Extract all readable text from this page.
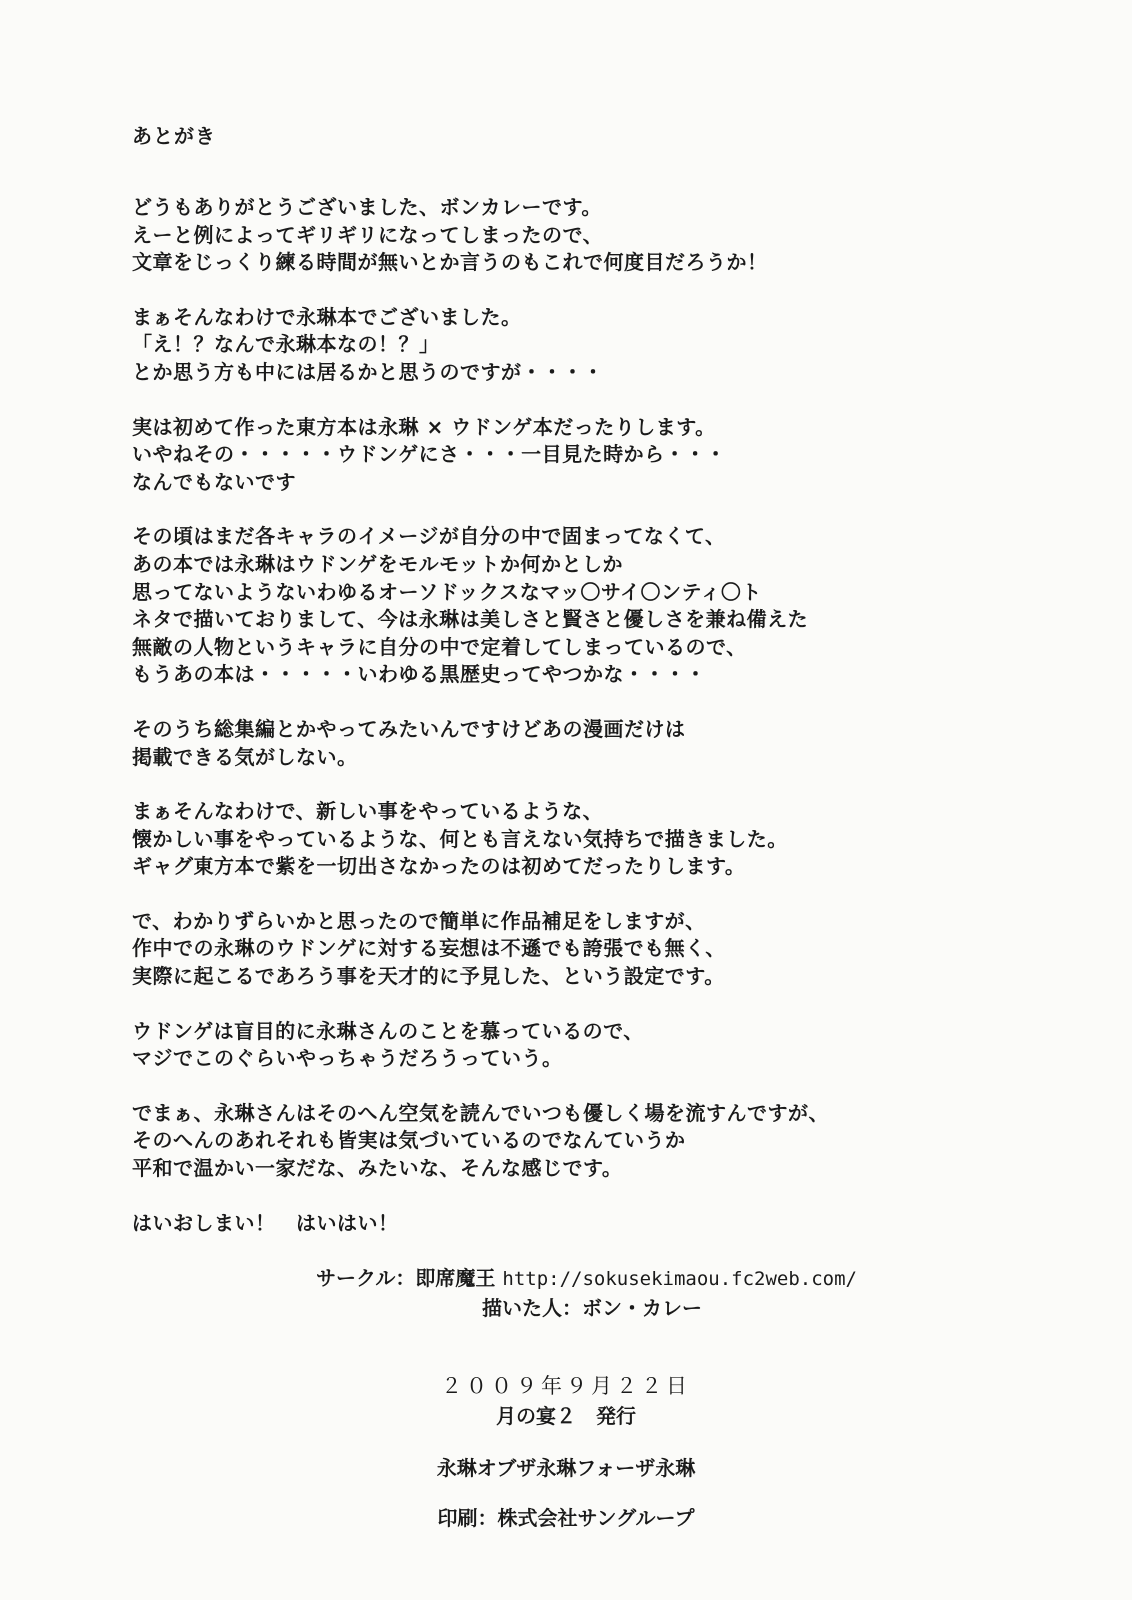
あとがき
どうもありがとうございました、ボンカレーです。
えーと例によってギリギリになってしまったので、
文章をじっくり練る時間が無いとか言うのもこれで何度目だろうか！
まぁそんなわけで永琳本でございました。
「え！？なんで永琳本なの！？」
とか思う方も中には居るかと思うのですが・・・・
実は初めて作った東方本は永琳 × ウドンゲ本だったりします。
いやねその・・・・・ウドンゲにさ・・・一目見た時から・・・
なんでもないです
その頃はまだ各キャラのイメージが自分の中で固まってなくて、
あの本では永琳はウドンゲをモルモットか何かとしか
思ってないようないわゆるオーソドックスなマッ〇サイ〇ンティ〇ト
ネタで描いておりまして、今は永琳は美しさと賢さと優しさを兼ね備えた
無敵の人物というキャラに自分の中で定着してしまっているので、
もうあの本は・・・・・いわゆる黒歴史ってやつかな・・・・
そのうち総集編とかやってみたいんですけどあの漫画だけは
掲載できる気がしない。
まぁそんなわけで、新しい事をやっているような、
懐かしい事をやっているような、何とも言えない気持ちで描きました。
ギャグ東方本で紫を一切出さなかったのは初めてだったりします。
で、わかりずらいかと思ったので簡単に作品補足をしますが、
作中での永琳のウドンゲに対する妄想は不遜でも誇張でも無く、
実際に起こるであろう事を天才的に予見した、という設定です。
ウドンゲは盲目的に永琳さんのことを慕っているので、
マジでこのぐらいやっちゃうだろうっていう。
でまぁ、永琳さんはそのへん空気を読んでいつも優しく場を流すんですが、
そのへんのあれそれも皆実は気づいているのでなんていうか
平和で温かい一家だな、みたいな、そんな感じです。
はいおしまい！　はいはい！
サークル：即席魔王 http://sokusekimaou.fc2web.com/
描いた人：ボン・カレー
２００９年９月２２日
月の宴２　発行
永琳オブザ永琳フォーザ永琳
印刷：株式会社サングループ
